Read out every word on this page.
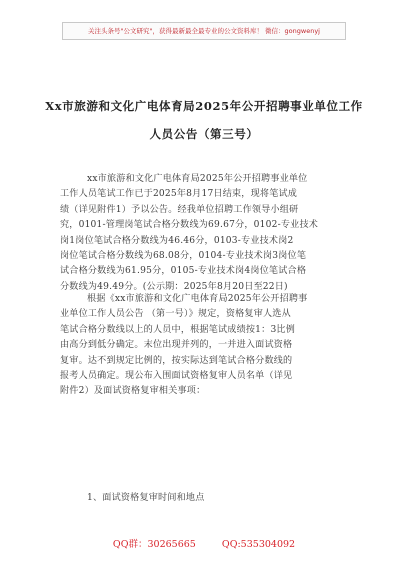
关注头条号"公文研究"，获得最新最全最专业的公文资料库！ 微信：gongwenyj
Xx市旅游和文化广电体育局2025年公开招聘事业单位工作
人员公告（第三号）
xx市旅游和文化广电体育局2025年公开招聘事业单位
工作人员笔试工作已于2025年8月17日结束，现将笔试成
绩（详见附件1）予以公告。经我单位招聘工作领导小组研
究，0101-管理岗笔试合格分数线为69.67分，0102-专业技术
岗1岗位笔试合格分数线为46.46分，0103-专业技术岗2
岗位笔试合格分数线为68.08分，0104-专业技术岗3岗位笔
试合格分数线为61.95分，0105-专业技术岗4岗位笔试合格
分数线为49.49分。(公示期：2025年8月20日至22日)
根据《xx市旅游和文化广电体育局2025年公开招聘事
业单位工作人员公告 （第一号）》规定，资格复审人选从
笔试合格分数线以上的人员中，根据笔试成绩按1：3比例
由高分到低分确定。末位出现并列的，一并进入面试资格
复审。达不到规定比例的，按实际达到笔试合格分数线的
报考人员确定。现公布入围面试资格复审人员名单（详见
附件2）及面试资格复审相关事项：
1、面试资格复审时间和地点
QQ群：30265665	QQ:535304092
